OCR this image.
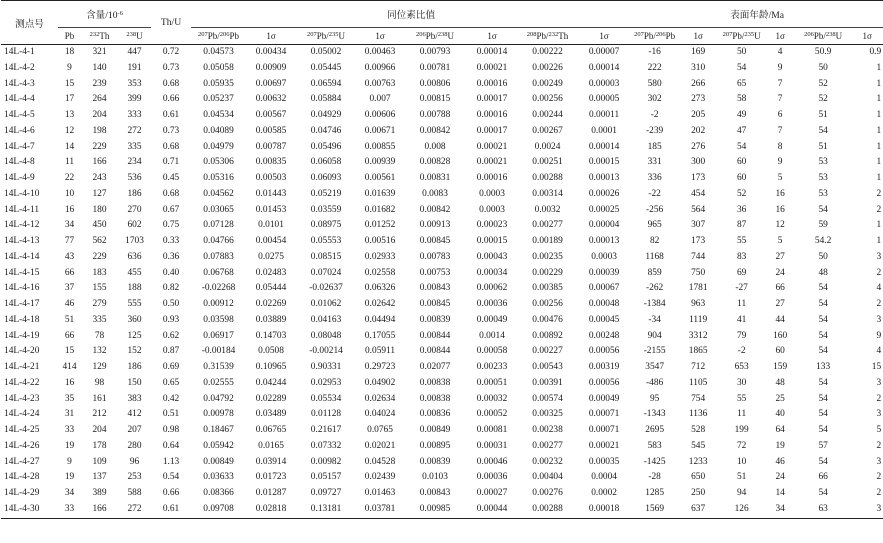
测点号	含量$/10^{-6}$			Th/U	同位素比值								表面年龄/Ma					
	Pb	$^{232}$Th	$^{238}$U		$^{207}$Pb/$^{206}$Pb	1σ	$^{207}$Pb/$^{235}$U	1σ	$^{206}$Pb/$^{238}$U	1σ	$^{208}$Pb/$^{232}$Th	1σ	$^{207}$Pb/$^{206}$Pb	1σ	$^{207}$Pb/$^{235}$U	1σ	$^{206}$Pb/$^{238}$U	1σ
14L-4-1	18	321	447	0.72	0.04573	0.00434	0.05002	0.00463	0.00793	0.00014	0.00222	0.00007	-16	169	50	4	50.9	0.9
14L-4-2	9	140	191	0.73	0.05058	0.00909	0.05445	0.00966	0.00781	0.00021	0.00226	0.00014	222	310	54	9	50	1
14L-4-3	15	239	353	0.68	0.05935	0.00697	0.06594	0.00763	0.00806	0.00016	0.00249	0.00003	580	266	65	7	52	1
14L-4-4	17	264	399	0.66	0.05237	0.00632	0.05884	0.007	0.00815	0.00017	0.00256	0.00005	302	273	58	7	52	1
14L-4-5	13	204	333	0.61	0.04534	0.00567	0.04929	0.00606	0.00788	0.00016	0.00244	0.00011	-2	205	49	6	51	1
14L-4-6	12	198	272	0.73	0.04089	0.00585	0.04746	0.00671	0.00842	0.00017	0.00267	0.0001	-239	202	47	7	54	1
14L-4-7	14	229	335	0.68	0.04979	0.00787	0.05496	0.00855	0.008	0.00021	0.0024	0.00014	185	276	54	8	51	1
14L-4-8	11	166	234	0.71	0.05306	0.00835	0.06058	0.00939	0.00828	0.00021	0.00251	0.00015	331	300	60	9	53	1
14L-4-9	22	243	536	0.45	0.05316	0.00503	0.06093	0.00561	0.00831	0.00016	0.00288	0.00013	336	173	60	5	53	1
14L-4-10	10	127	186	0.68	0.04562	0.01443	0.05219	0.01639	0.0083	0.0003	0.00314	0.00026	-22	454	52	16	53	2
14L-4-11	16	180	270	0.67	0.03065	0.01453	0.03559	0.01682	0.00842	0.0003	0.0032	0.00025	-256	564	36	16	54	2
14L-4-12	34	450	602	0.75	0.07128	0.0101	0.08975	0.01252	0.00913	0.00023	0.00277	0.00004	965	307	87	12	59	1
14L-4-13	77	562	1703	0.33	0.04766	0.00454	0.05553	0.00516	0.00845	0.00015	0.00189	0.00013	82	173	55	5	54.2	1
14L-4-14	43	229	636	0.36	0.07883	0.0275	0.08515	0.02933	0.00783	0.00043	0.00235	0.0003	1168	744	83	27	50	3
14L-4-15	66	183	455	0.40	0.06768	0.02483	0.07024	0.02558	0.00753	0.00034	0.00229	0.00039	859	750	69	24	48	2
14L-4-16	37	155	188	0.82	-0.02268	0.05444	-0.02637	0.06326	0.00843	0.00062	0.00385	0.00067	-262	1781	-27	66	54	4
14L-4-17	46	279	555	0.50	0.00912	0.02269	0.01062	0.02642	0.00845	0.00036	0.00256	0.00048	-1384	963	11	27	54	2
14L-4-18	51	335	360	0.93	0.03598	0.03889	0.04163	0.04494	0.00839	0.00049	0.00476	0.00045	-34	1119	41	44	54	3
14L-4-19	66	78	125	0.62	0.06917	0.14703	0.08048	0.17055	0.00844	0.0014	0.00892	0.00248	904	3312	79	160	54	9
14L-4-20	15	132	152	0.87	-0.00184	0.0508	-0.00214	0.05911	0.00844	0.00058	0.00227	0.00056	-2155	1865	-2	60	54	4
14L-4-21	414	129	186	0.69	0.31539	0.10965	0.90331	0.29723	0.02077	0.00233	0.00543	0.00319	3547	712	653	159	133	15
14L-4-22	16	98	150	0.65	0.02555	0.04244	0.02953	0.04902	0.00838	0.00051	0.00391	0.00056	-486	1105	30	48	54	3
14L-4-23	35	161	383	0.42	0.04792	0.02289	0.05534	0.02634	0.00838	0.00032	0.00574	0.00049	95	754	55	25	54	2
14L-4-24	31	212	412	0.51	0.00978	0.03489	0.01128	0.04024	0.00836	0.00052	0.00325	0.00071	-1343	1136	11	40	54	3
14L-4-25	33	204	207	0.98	0.18467	0.06765	0.21617	0.0765	0.00849	0.00081	0.00238	0.00071	2695	528	199	64	54	5
14L-4-26	19	178	280	0.64	0.05942	0.0165	0.07332	0.02021	0.00895	0.00031	0.00277	0.00021	583	545	72	19	57	2
14L-4-27	9	109	96	1.13	0.00849	0.03914	0.00982	0.04528	0.00839	0.00046	0.00232	0.00035	-1425	1233	10	46	54	3
14L-4-28	19	137	253	0.54	0.03633	0.01723	0.05157	0.02439	0.0103	0.00036	0.00404	0.0004	-28	650	51	24	66	2
14L-4-29	34	389	588	0.66	0.08366	0.01287	0.09727	0.01463	0.00843	0.00027	0.00276	0.0002	1285	250	94	14	54	2
14L-4-30	33	166	272	0.61	0.09708	0.02818	0.13181	0.03781	0.00985	0.00044	0.00288	0.00018	1569	637	126	34	63	3
